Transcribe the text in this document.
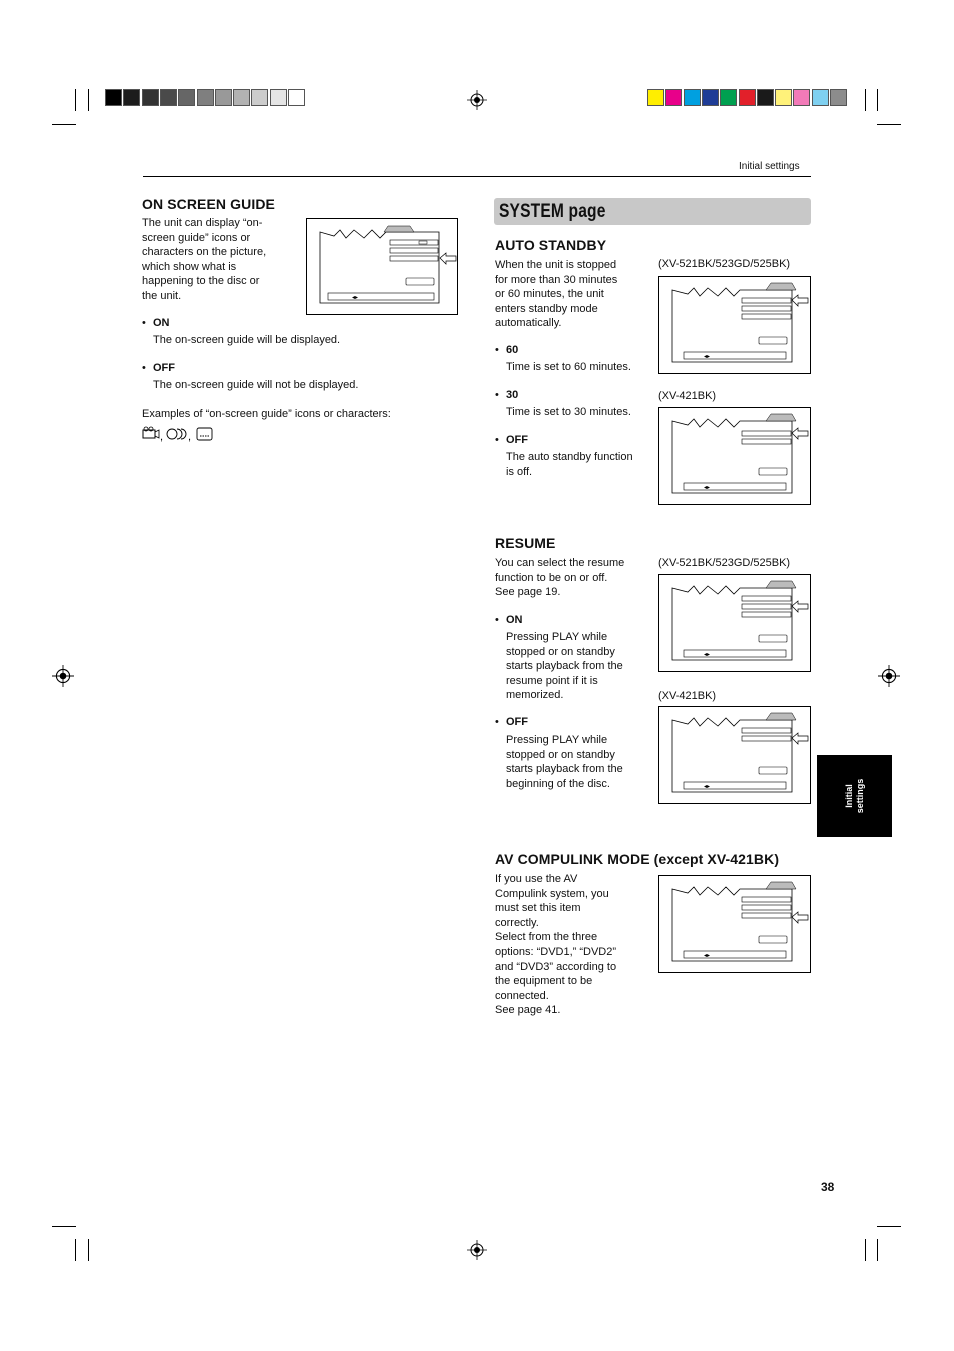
Initial settings
ON SCREEN GUIDE
The unit can display “on-
screen guide” icons or
characters on the picture,
which show what is
happening to the disc or
the unit.	◂▸
• ON
The on-screen guide will be displayed.
• OFF
The on-screen guide will not be displayed.
Examples of “on-screen guide” icons or characters:
, ,
SYSTEM page
AUTO STANDBY
When the unit is stopped
for more than 30 minutes
or 60 minutes, the unit
enters standby mode
automatically.
(XV-521BK/523GD/525BK)
◂▸
• 60
Time is set to 60 minutes.
(XV-421BK)
◂▸
• 30
Time is set to 30 minutes.
• OFF
The auto standby function
is off.
RESUME
You can select the resume
function to be on or off.
See page 19.
(XV-521BK/523GD/525BK)
◂▸
• ON
Pressing PLAY while
stopped or on standby
starts playback from the
resume point if it is
memorized.	(XV-421BK)
◂▸
• OFF
Pressing PLAY while
stopped or on standby
starts playback from the
beginning of the disc.
Initial
settings
AV COMPULINK MODE (except XV-421BK)
If you use the AV
Compulink system, you
must set this item
correctly.
Select from the three
options: “DVD1,” “DVD2”
and “DVD3” according to
the equipment to be
connected.
See page 41.
◂▸
38
